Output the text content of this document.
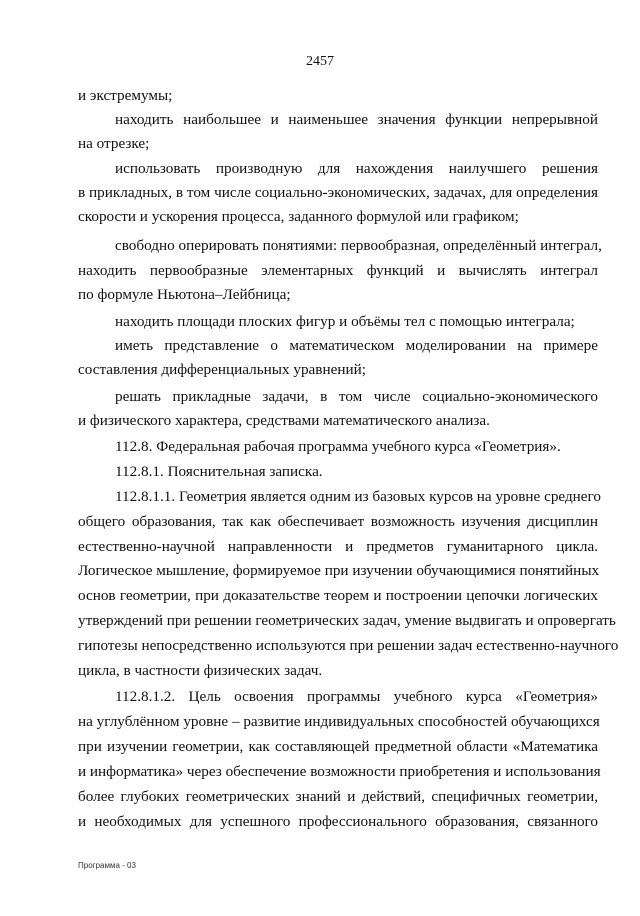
2457
и экстремумы;
находить наибольшее и наименьшее значения функции непрерывной
на отрезке;
использовать производную для нахождения наилучшего решения
в прикладных, в том числе социально-экономических, задачах, для определения
скорости и ускорения процесса, заданного формулой или графиком;
свободно оперировать понятиями: первообразная, определённый интеграл,
находить первообразные элементарных функций и вычислять интеграл
по формуле Ньютона–Лейбница;
находить площади плоских фигур и объёмы тел с помощью интеграла;
иметь представление о математическом моделировании на примере
составления дифференциальных уравнений;
решать прикладные задачи, в том числе социально-экономического
и физического характера, средствами математического анализа.
112.8. Федеральная рабочая программа учебного курса «Геометрия».
112.8.1. Пояснительная записка.
112.8.1.1. Геометрия является одним из базовых курсов на уровне среднего
общего образования, так как обеспечивает возможность изучения дисциплин
естественно-научной направленности и предметов гуманитарного цикла.
Логическое мышление, формируемое при изучении обучающимися понятийных
основ геометрии, при доказательстве теорем и построении цепочки логических
утверждений при решении геометрических задач, умение выдвигать и опровергать
гипотезы непосредственно используются при решении задач естественно-научного
цикла, в частности физических задач.
112.8.1.2. Цель освоения программы учебного курса «Геометрия»
на углублённом уровне – развитие индивидуальных способностей обучающихся
при изучении геометрии, как составляющей предметной области «Математика
и информатика» через обеспечение возможности приобретения и использования
более глубоких геометрических знаний и действий, специфичных геометрии,
и необходимых для успешного профессионального образования, связанного
Программа - 03
